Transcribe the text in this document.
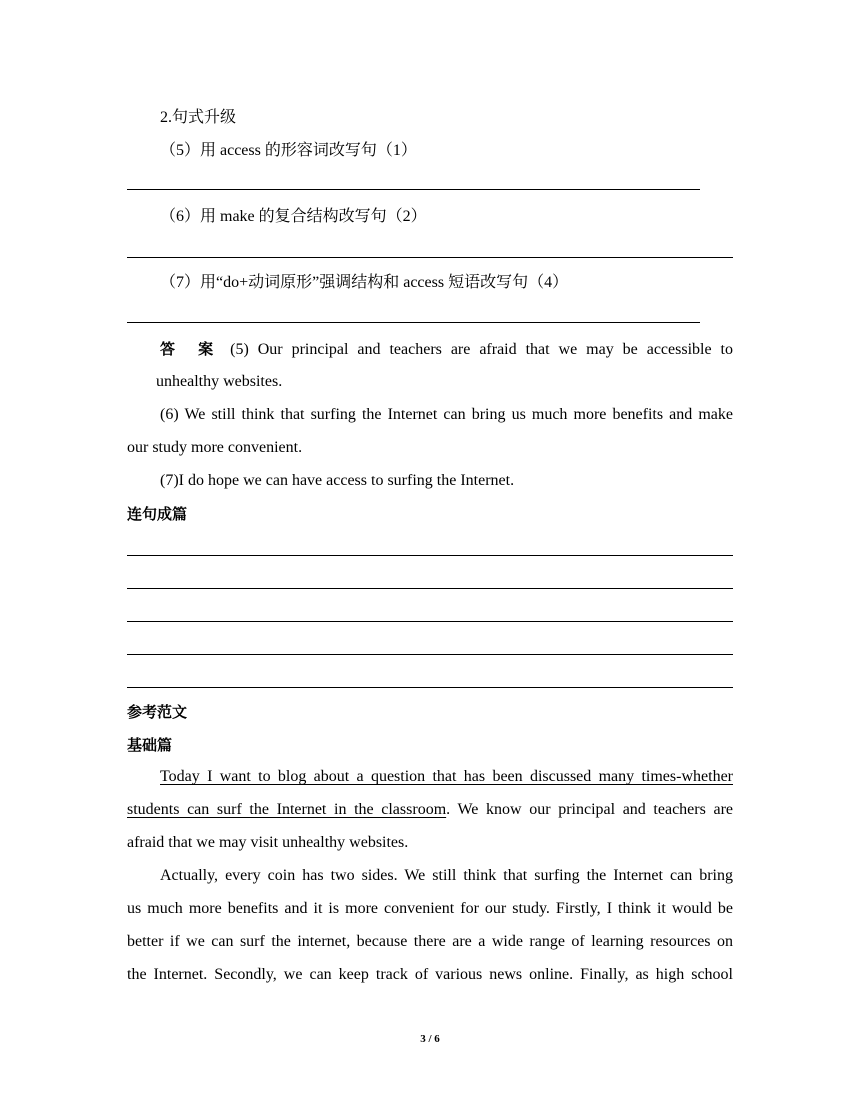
2.句式升级
（5）用 access 的形容词改写句（1）
（6）用 make 的复合结构改写句（2）
（7）用“do+动词原形”强调结构和 access 短语改写句（4）
答 案 (5) Our principal and teachers are afraid that we may be accessible to
unhealthy websites.
(6) We still think that surfing the Internet can bring us much more benefits and make
our study more convenient.
(7)I do hope we can have access to surfing the Internet.
连句成篇
参考范文
基础篇
Today I want to blog about a question that has been discussed many times-whether
students can surf the Internet in the classroom. We know our principal and teachers are
afraid that we may visit unhealthy websites.
Actually, every coin has two sides. We still think that surfing the Internet can bring
us much more benefits and it is more convenient for our study. Firstly, I think it would be
better if we can surf the internet, because there are a wide range of learning resources on
the Internet. Secondly, we can keep track of various news online. Finally, as high school
3 / 6
